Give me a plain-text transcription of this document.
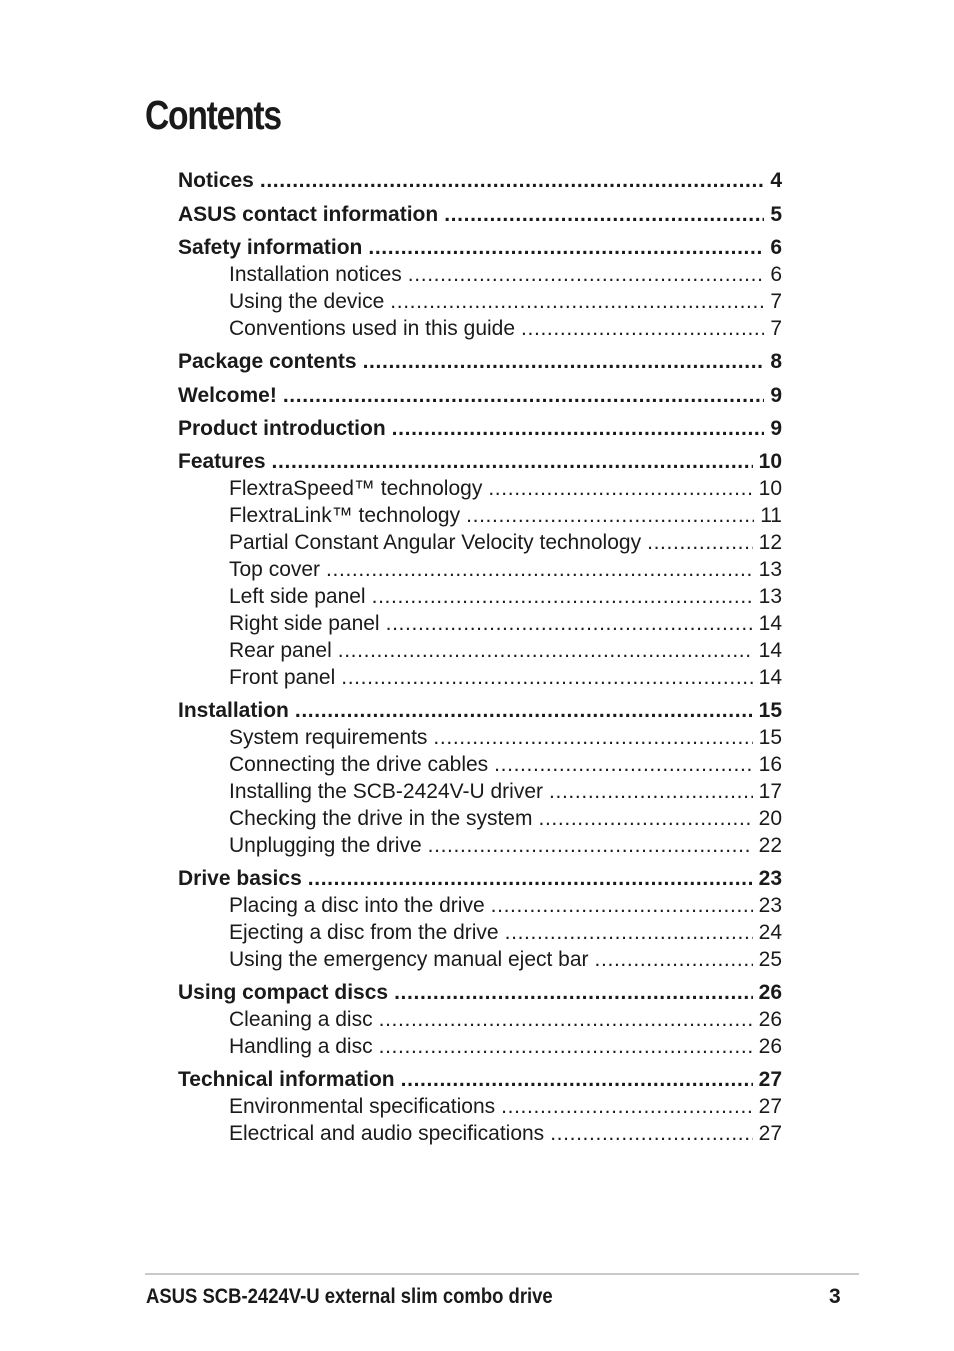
Contents
Notices . . .	4
ASUS contact information . . .	5
Safety information . . .	6
Installation notices . . .	6
Using the device . . .	7
Conventions used in this guide . . .	7
Package contents . . .	8
Welcome! . . .	9
Product introduction . . .	9
Features . . .	10
FlextraSpeed™ technology . . .	10
FlextraLink™ technology . . .	11
Partial Constant Angular Velocity technology . . .	12
Top cover . . .	13
Left side panel . . .	13
Right side panel . . .	14
Rear panel . . .	14
Front panel . . .	14
Installation . . .	15
System requirements . . .	15
Connecting the drive cables . . .	16
Installing the SCB-2424V-U driver . . .	17
Checking the drive in the system . . .	20
Unplugging the drive . . .	22
Drive basics . . .	23
Placing a disc into the drive . . .	23
Ejecting a disc from the drive . . .	24
Using the emergency manual eject bar . . .	25
Using compact discs . . .	26
Cleaning a disc . . .	26
Handling a disc . . .	26
Technical information . . .	27
Environmental specifications . . .	27
Electrical and audio specifications . . .	27
ASUS SCB-2424V-U external slim combo drive	3
